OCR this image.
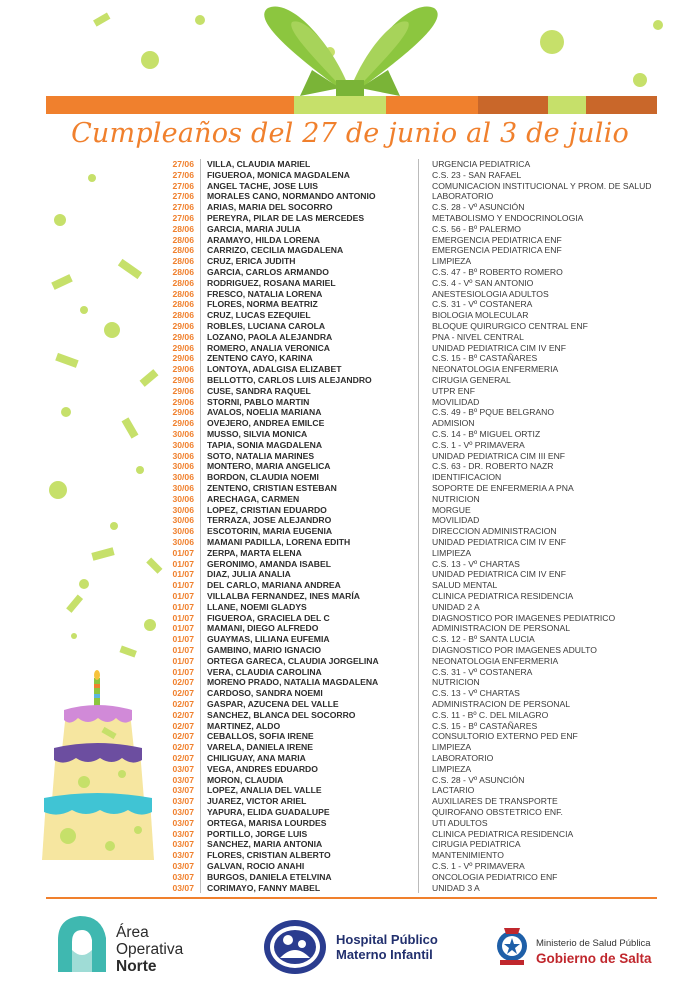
Cumpleaños del 27 de junio al 3 de julio
27/06 VILLA, CLAUDIA MARIEL	URGENCIA PEDIATRICA
27/06 FIGUEROA, MONICA MAGDALENA	C.S. 23 - SAN RAFAEL
27/06 ANGEL TACHE, JOSE LUIS	COMUNICACION INSTITUCIONAL Y PROM. DE SALUD
27/06 MORALES CANO, NORMANDO ANTONIO	LABORATORIO
27/06 ARIAS, MARIA DEL SOCORRO	C.S. 28 - Vº ASUNCIÓN
27/06 PEREYRA, PILAR DE LAS MERCEDES	METABOLISMO Y ENDOCRINOLOGIA
28/06 GARCIA, MARIA JULIA	C.S. 56 - Bº PALERMO
28/06 ARAMAYO, HILDA LORENA	EMERGENCIA PEDIATRICA ENF
28/06 CARRIZO, CECILIA MAGDALENA	EMERGENCIA PEDIATRICA ENF
28/06 CRUZ, ERICA JUDITH	LIMPIEZA
28/06 GARCIA, CARLOS ARMANDO	C.S. 47 - Bº ROBERTO ROMERO
28/06 RODRIGUEZ, ROSANA MARIEL	C.S. 4 - Vº SAN ANTONIO
28/06 FRESCO, NATALIA LORENA	ANESTESIOLOGIA ADULTOS
28/06 FLORES, NORMA BEATRIZ	C.S. 31 - Vº COSTANERA
28/06 CRUZ, LUCAS EZEQUIEL	BIOLOGIA MOLECULAR
29/06 ROBLES, LUCIANA CAROLA	BLOQUE QUIRURGICO CENTRAL ENF
29/06 LOZANO, PAOLA ALEJANDRA	PNA - NIVEL CENTRAL
29/06 ROMERO, ANALIA VERONICA	UNIDAD PEDIATRICA CIM IV ENF
29/06 ZENTENO CAYO, KARINA	C.S. 15 - Bº CASTAÑARES
29/06 LONTOYA, ADALGISA ELIZABET	NEONATOLOGIA ENFERMERIA
29/06 BELLOTTO, CARLOS LUIS ALEJANDRO	CIRUGIA GENERAL
29/06 CUSE, SANDRA RAQUEL	UTPR ENF
29/06 STORNI, PABLO MARTIN	MOVILIDAD
29/06 AVALOS, NOELIA MARIANA	C.S. 49 - Bº PQUE BELGRANO
29/06 OVEJERO, ANDREA EMILCE	ADMISION
30/06 MUSSO, SILVIA MONICA	C.S. 14 - Bº MIGUEL ORTIZ
30/06 TAPIA, SONIA MAGDALENA	C.S. 1 - Vº PRIMAVERA
30/06 SOTO, NATALIA MARINES	UNIDAD PEDIATRICA CIM III ENF
30/06 MONTERO, MARIA ANGELICA	C.S. 63 - DR. ROBERTO NAZR
30/06 BORDON, CLAUDIA NOEMI	IDENTIFICACION
30/06 ZENTENO, CRISTIAN ESTEBAN	SOPORTE DE ENFERMERIA A PNA
30/06 ARECHAGA, CARMEN	NUTRICION
30/06 LOPEZ, CRISTIAN EDUARDO	MORGUE
30/06 TERRAZA, JOSE ALEJANDRO	MOVILIDAD
30/06 ESCOTORIN, MARIA EUGENIA	DIRECCION ADMINISTRACION
30/06 MAMANI PADILLA, LORENA EDITH	UNIDAD PEDIATRICA CIM IV ENF
01/07 ZERPA, MARTA ELENA	LIMPIEZA
01/07 GERONIMO, AMANDA ISABEL	C.S. 13 - Vº CHARTAS
01/07 DIAZ, JULIA ANALIA	UNIDAD PEDIATRICA CIM IV ENF
01/07 DEL CARLO, MARIANA ANDREA	SALUD MENTAL
01/07 VILLALBA FERNANDEZ, INES MARÍA	CLINICA PEDIATRICA RESIDENCIA
01/07 LLANE, NOEMI GLADYS	UNIDAD 2 A
01/07 FIGUEROA, GRACIELA DEL C	DIAGNOSTICO POR IMAGENES PEDIATRICO
01/07 MAMANI, DIEGO ALFREDO	ADMINISTRACION DE PERSONAL
01/07 GUAYMAS, LILIANA EUFEMIA	C.S. 12 - Bº SANTA LUCIA
01/07 GAMBINO, MARIO IGNACIO	DIAGNOSTICO POR IMAGENES ADULTO
01/07 ORTEGA GARECA, CLAUDIA JORGELINA	NEONATOLOGIA ENFERMERIA
01/07 VERA, CLAUDIA CAROLINA	C.S. 31 - Vº COSTANERA
02/07 MORENO PRADO, NATALIA MAGDALENA	NUTRICION
02/07 CARDOSO, SANDRA NOEMI	C.S. 13 - Vº CHARTAS
02/07 GASPAR, AZUCENA DEL VALLE	ADMINISTRACION DE PERSONAL
02/07 SANCHEZ, BLANCA DEL SOCORRO	C.S. 11 - Bº C. DEL MILAGRO
02/07 MARTINEZ, ALDO	C.S. 15 - Bº CASTAÑARES
02/07 CEBALLOS, SOFIA IRENE	CONSULTORIO EXTERNO PED ENF
02/07 VARELA, DANIELA IRENE	LIMPIEZA
02/07 CHILIGUAY, ANA MARIA	LABORATORIO
03/07 VEGA, ANDRES EDUARDO	LIMPIEZA
03/07 MORON, CLAUDIA	C.S. 28 - Vº ASUNCIÓN
03/07 LOPEZ, ANALIA DEL VALLE	LACTARIO
03/07 JUAREZ, VICTOR ARIEL	AUXILIARES DE TRANSPORTE
03/07 YAPURA, ELIDA GUADALUPE	QUIROFANO OBSTETRICO ENF.
03/07 ORTEGA, MARISA LOURDES	UTI ADULTOS
03/07 PORTILLO, JORGE LUIS	CLINICA PEDIATRICA RESIDENCIA
03/07 SANCHEZ, MARIA ANTONIA	CIRUGIA PEDIATRICA
03/07 FLORES, CRISTIAN ALBERTO	MANTENIMIENTO
03/07 GALVAN, ROCIO ANAHI	C.S. 1 - Vº PRIMAVERA
03/07 BURGOS, DANIELA ETELVINA	ONCOLOGIA PEDIATRICO ENF
03/07 CORIMAYO, FANNY MABEL	UNIDAD 3 A
Área
Operativa
Norte
Hospital Público
Materno Infantil
Ministerio de Salud Pública
Gobierno de Salta
